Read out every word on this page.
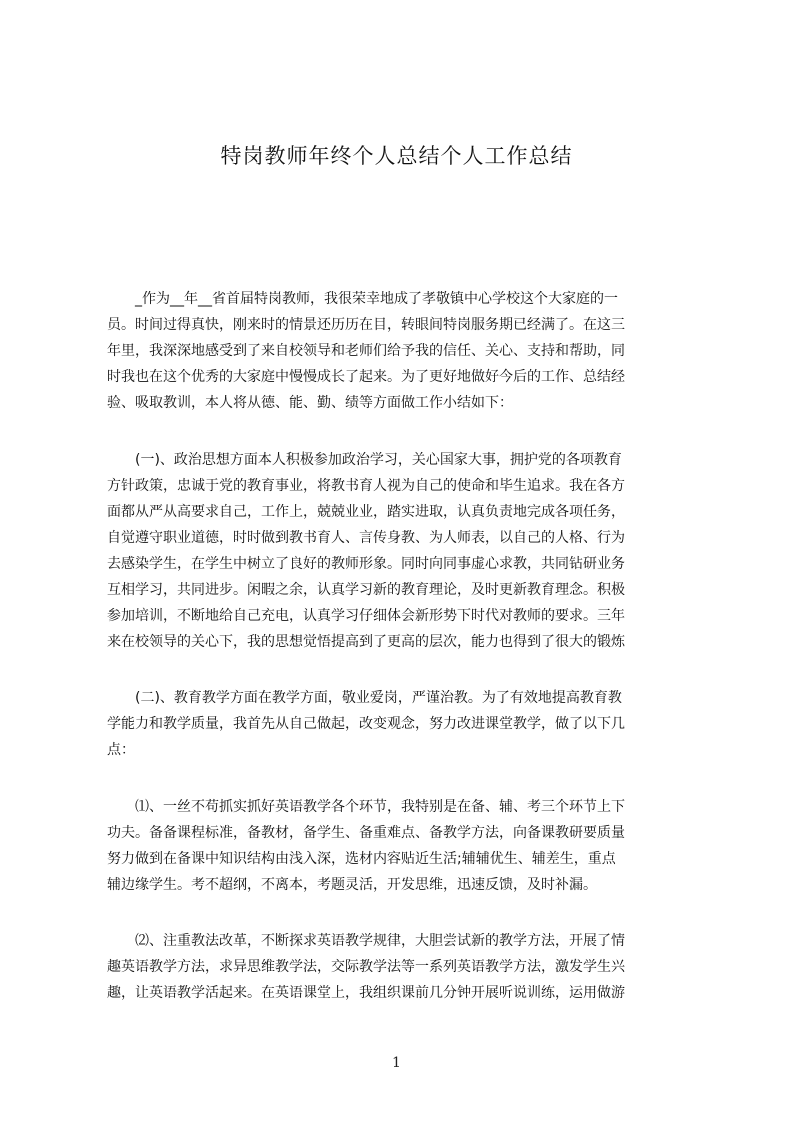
特岗教师年终个人总结个人工作总结
　　_作为__年__省首届特岗教师，我很荣幸地成了孝敬镇中心学校这个大家庭的一
员。时间过得真快，刚来时的情景还历历在目，转眼间特岗服务期已经满了。在这三
年里，我深深地感受到了来自校领导和老师们给予我的信任、关心、支持和帮助，同
时我也在这个优秀的大家庭中慢慢成长了起来。为了更好地做好今后的工作、总结经
验、吸取教训，本人将从德、能、勤、绩等方面做工作小结如下：
　　(一)、政治思想方面本人积极参加政治学习，关心国家大事，拥护党的各项教育
方针政策，忠诚于党的教育事业，将教书育人视为自己的使命和毕生追求。我在各方
面都从严从高要求自己，工作上，兢兢业业，踏实进取，认真负责地完成各项任务，
自觉遵守职业道德，时时做到教书育人、言传身教、为人师表，以自己的人格、行为
去感染学生，在学生中树立了良好的教师形象。同时向同事虚心求教，共同钻研业务
互相学习，共同进步。闲暇之余，认真学习新的教育理论，及时更新教育理念。积极
参加培训，不断地给自己充电，认真学习仔细体会新形势下时代对教师的要求。三年
来在校领导的关心下，我的思想觉悟提高到了更高的层次，能力也得到了很大的锻炼
　　(二)、教育教学方面在教学方面，敬业爱岗，严谨治教。为了有效地提高教育教
学能力和教学质量，我首先从自己做起，改变观念，努力改进课堂教学，做了以下几
点：
　　⑴、一丝不苟抓实抓好英语教学各个环节，我特别是在备、辅、考三个环节上下
功夫。备备课程标准，备教材，备学生、备重难点、备教学方法，向备课教研要质量
努力做到在备课中知识结构由浅入深，选材内容贴近生活;辅辅优生、辅差生，重点
辅边缘学生。考不超纲，不离本，考题灵活，开发思维，迅速反馈，及时补漏。
　　⑵、注重教法改革，不断探求英语教学规律，大胆尝试新的教学方法，开展了情
趣英语教学方法，求异思维教学法，交际教学法等一系列英语教学方法，激发学生兴
趣，让英语教学活起来。在英语课堂上，我组织课前几分钟开展听说训练，运用做游
1
